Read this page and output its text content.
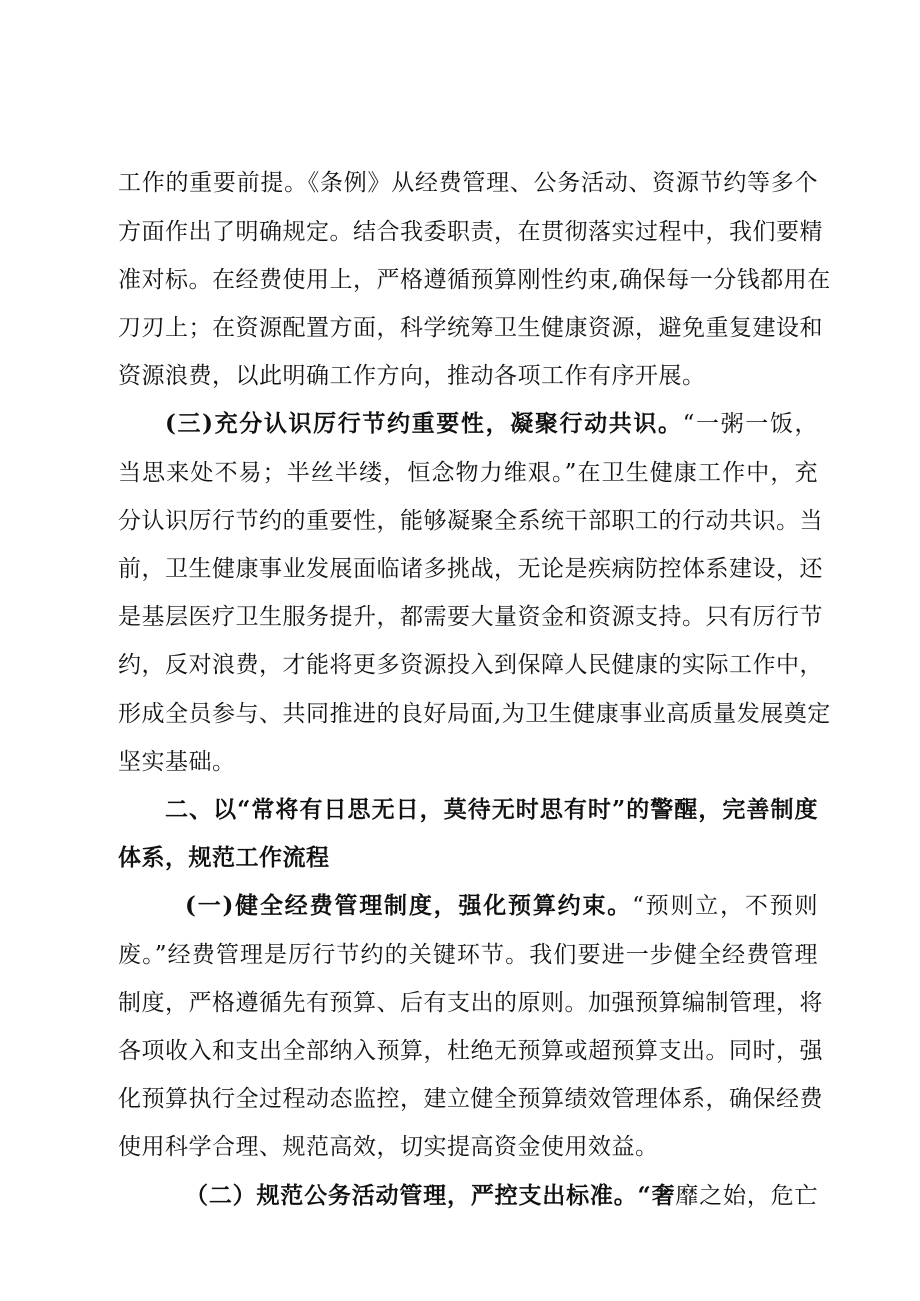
工作的重要前提。《条例》从经费管理、公务活动、资源节约等多个
方面作出了明确规定。结合我委职责，在贯彻落实过程中，我们要精
准对标。在经费使用上，严格遵循预算刚性约束,确保每一分钱都用在
刀刃上；在资源配置方面，科学统筹卫生健康资源，避免重复建设和
资源浪费，以此明确工作方向，推动各项工作有序开展。
(三)充分认识厉行节约重要性，凝聚行动共识。“一粥一饭，
当思来处不易；半丝半缕，恒念物力维艰。”在卫生健康工作中，充
分认识厉行节约的重要性，能够凝聚全系统干部职工的行动共识。当
前，卫生健康事业发展面临诸多挑战，无论是疾病防控体系建设，还
是基层医疗卫生服务提升，都需要大量资金和资源支持。只有厉行节
约，反对浪费，才能将更多资源投入到保障人民健康的实际工作中，
形成全员参与、共同推进的良好局面,为卫生健康事业高质量发展奠定
坚实基础。
二、以“常将有日思无日，莫待无时思有时”的警醒，完善制度
体系，规范工作流程
(一)健全经费管理制度，强化预算约束。“预则立，不预则
废。”经费管理是厉行节约的关键环节。我们要进一步健全经费管理
制度，严格遵循先有预算、后有支出的原则。加强预算编制管理，将
各项收入和支出全部纳入预算，杜绝无预算或超预算支出。同时，强
化预算执行全过程动态监控，建立健全预算绩效管理体系，确保经费
使用科学合理、规范高效，切实提高资金使用效益。
（二）规范公务活动管理，严控支出标准。“奢靡之始，危亡
